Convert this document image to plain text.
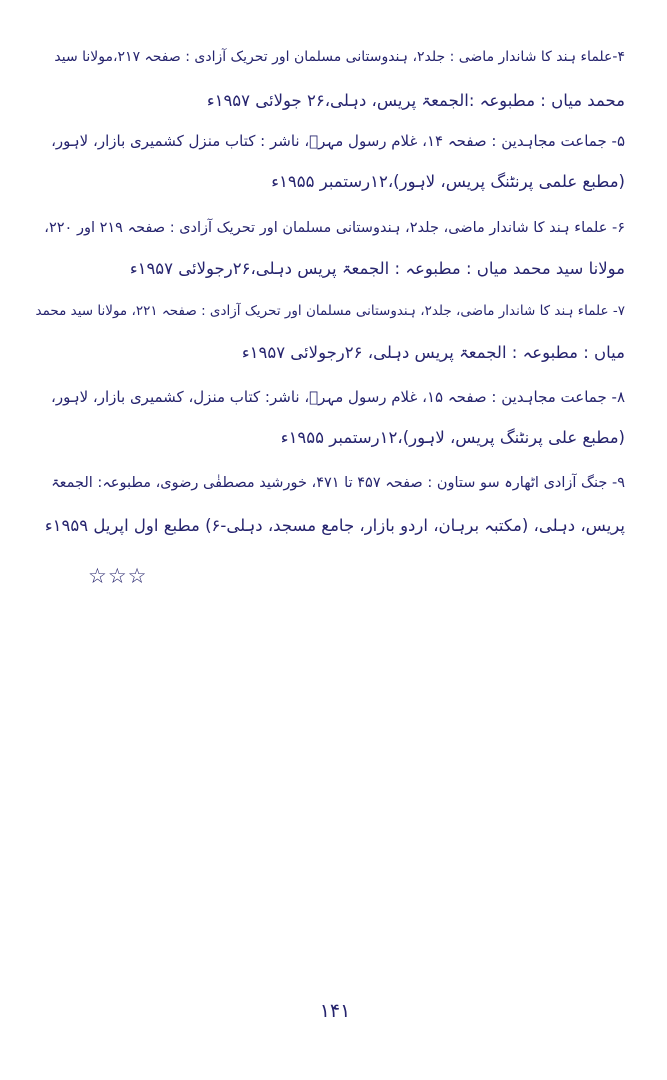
۴-علماء ہند کا شاندار ماضی : جلد۲، ہندوستانی مسلمان اور تحریک آزادی : صفحہ ۲۱۷،مولانا سید
محمد میاں : مطبوعہ :الجمعۃ پریس، دہلی،۲۶ جولائی ۱۹۵۷ء
۵- جماعت مجاہدین : صفحہ ۱۴، غلام رسول مہرؔ، ناشر : کتاب منزل کشمیری بازار، لاہور،
(مطبع علمی پرنٹنگ پریس، لاہور)،۱۲رستمبر ۱۹۵۵ء
۶- علماء ہند کا شاندار ماضی، جلد۲، ہندوستانی مسلمان اور تحریک آزادی : صفحہ ۲۱۹ اور ۲۲۰،
مولانا سید محمد میاں : مطبوعہ : الجمعۃ پریس دہلی،۲۶رجولائی ۱۹۵۷ء
۷- علماء ہند کا شاندار ماضی، جلد۲، ہندوستانی مسلمان اور تحریک آزادی : صفحہ ۲۲۱، مولانا سید محمد
میاں : مطبوعہ : الجمعۃ پریس دہلی، ۲۶رجولائی ۱۹۵۷ء
۸- جماعت مجاہدین : صفحہ ۱۵، غلام رسول مہرؔ، ناشر: کتاب منزل، کشمیری بازار، لاہور،
(مطبع علی پرنٹنگ پریس، لاہور)،۱۲رستمبر ۱۹۵۵ء
۹- جنگ آزادی اٹھارہ سو ستاون : صفحہ ۴۵۷ تا ۴۷۱، خورشید مصطفٰی رضوی، مطبوعہ: الجمعۃ
پریس، دہلی، (مکتبہ برہان، اردو بازار، جامع مسجد، دہلی-۶) مطبع اول اپریل ۱۹۵۹ء
☆☆☆
۱۴۱
